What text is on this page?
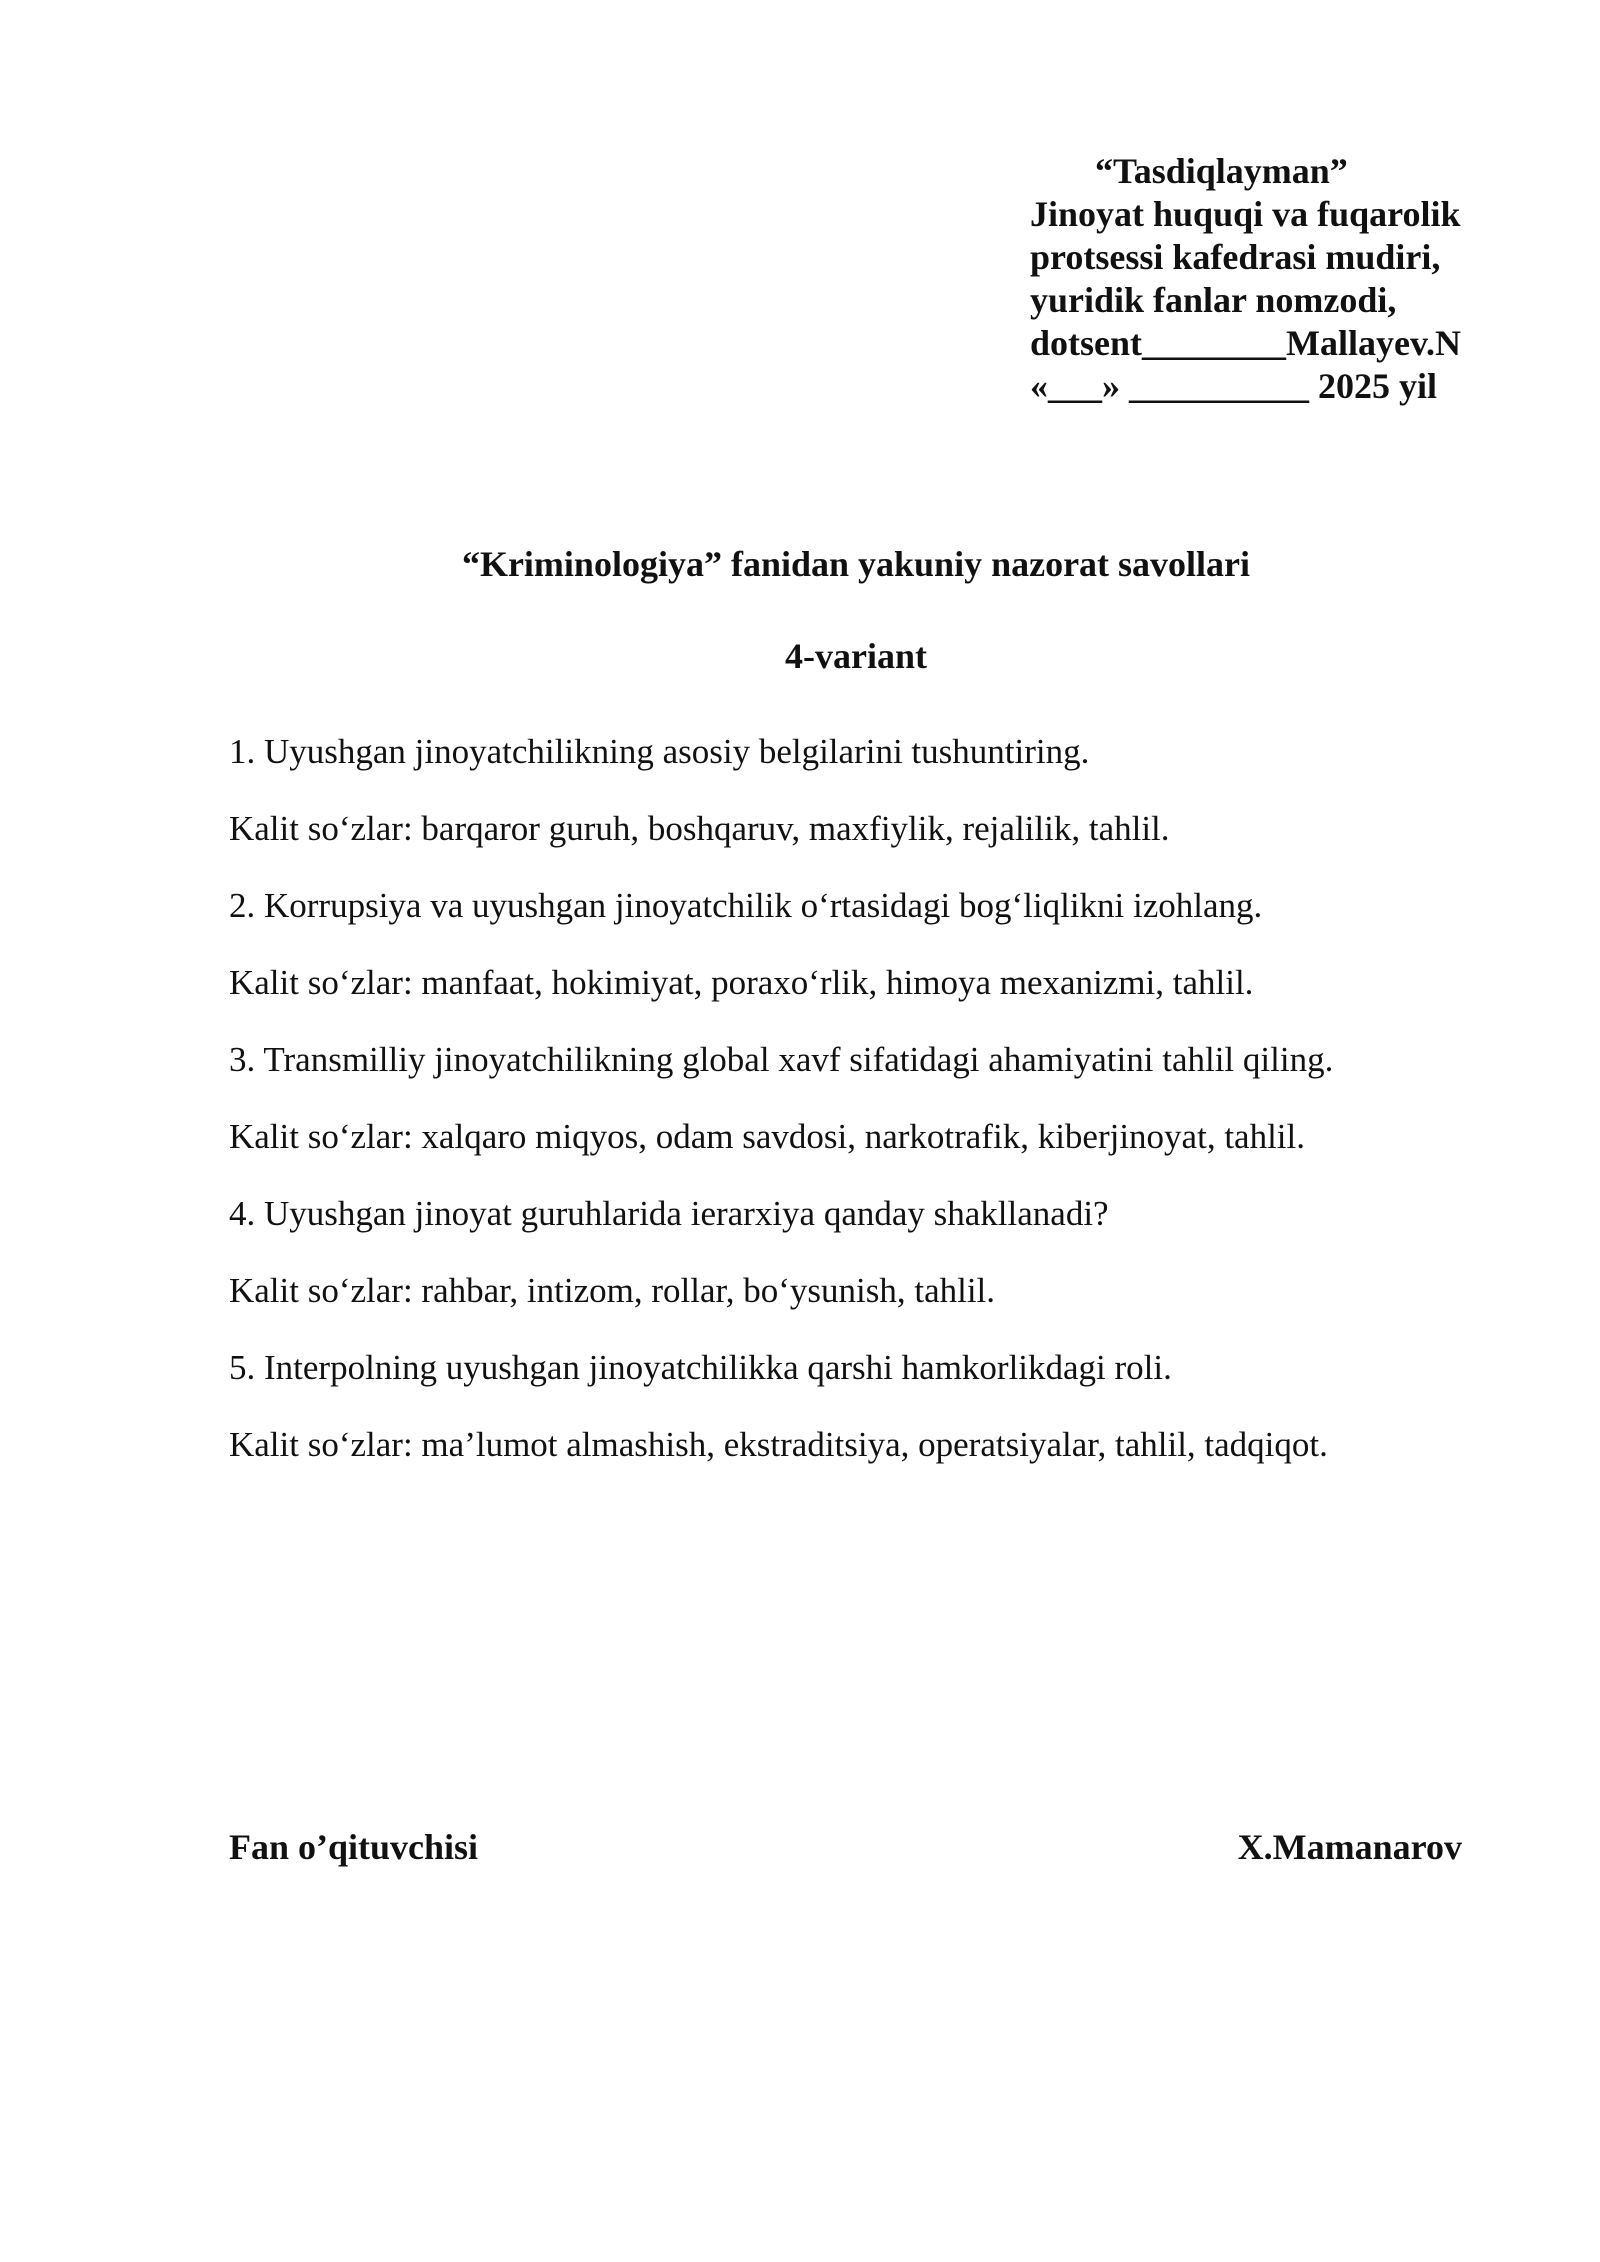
“Tasdiqlayman”
Jinoyat huquqi va fuqarolik
protsessi kafedrasi mudiri,
yuridik fanlar nomzodi,
dotsent________Mallayev.N
«___» __________ 2025 yil
“Kriminologiya” fanidan yakuniy nazorat savollari
4-variant
1. Uyushgan jinoyatchilikning asosiy belgilarini tushuntiring.
Kalit so‘zlar: barqaror guruh, boshqaruv, maxfiylik, rejalilik, tahlil.
2. Korrupsiya va uyushgan jinoyatchilik o‘rtasidagi bog‘liqlikni izohlang.
Kalit so‘zlar: manfaat, hokimiyat, poraxo‘rlik, himoya mexanizmi, tahlil.
3. Transmilliy jinoyatchilikning global xavf sifatidagi ahamiyatini tahlil qiling.
Kalit so‘zlar: xalqaro miqyos, odam savdosi, narkotrafik, kiberjinoyat, tahlil.
4. Uyushgan jinoyat guruhlarida ierarxiya qanday shakllanadi?
Kalit so‘zlar: rahbar, intizom, rollar, bo‘ysunish, tahlil.
5. Interpolning uyushgan jinoyatchilikka qarshi hamkorlikdagi roli.
Kalit so‘zlar: ma’lumot almashish, ekstraditsiya, operatsiyalar, tahlil, tadqiqot.
Fan o’qituvchisi	X.Mamanarov
